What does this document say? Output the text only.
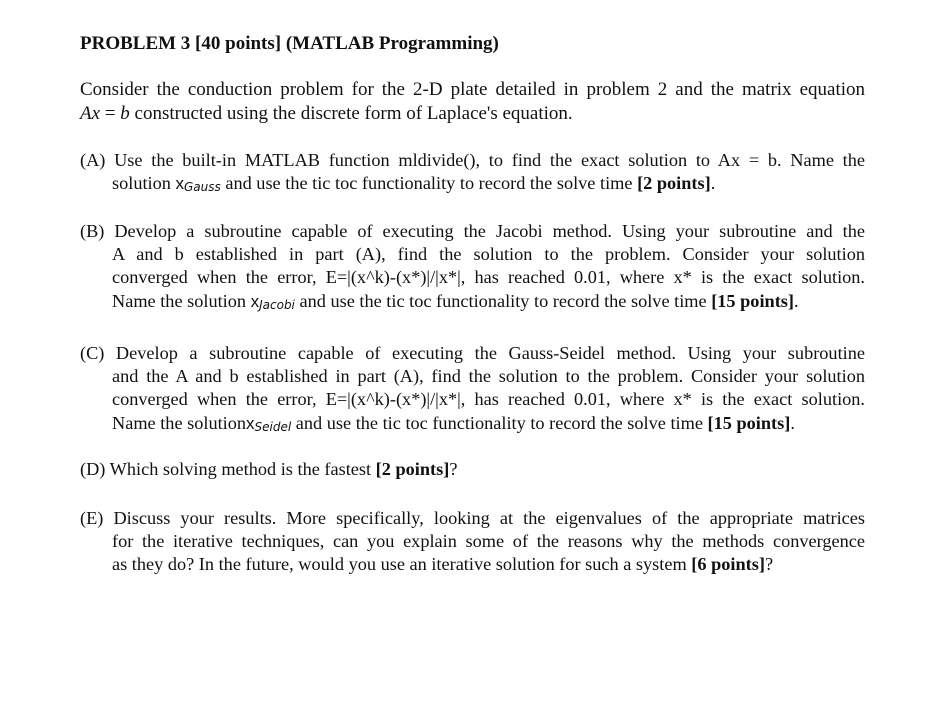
PROBLEM 3 [40 points] (MATLAB Programming)
Consider the conduction problem for the 2-D plate detailed in problem 2 and the matrix equation
Ax = b constructed using the discrete form of Laplace's equation.
(A) Use the built-in MATLAB function mldivide(), to find the exact solution to Ax = b. Name the
solution xGauss and use the tic toc functionality to record the solve time [2 points].
(B) Develop a subroutine capable of executing the Jacobi method. Using your subroutine and the
A and b established in part (A), find the solution to the problem. Consider your solution
converged when the error, E=|(x^k)-(x*)|/|x*|, has reached 0.01, where x* is the exact solution.
Name the solution xJacobi and use the tic toc functionality to record the solve time [15 points].
(C) Develop a subroutine capable of executing the Gauss-Seidel method. Using your subroutine
and the A and b established in part (A), find the solution to the problem. Consider your solution
converged when the error, E=|(x^k)-(x*)|/|x*|, has reached 0.01, where x* is the exact solution.
Name the solutionxSeidel and use the tic toc functionality to record the solve time [15 points].
(D) Which solving method is the fastest [2 points]?
(E) Discuss your results. More specifically, looking at the eigenvalues of the appropriate matrices
for the iterative techniques, can you explain some of the reasons why the methods convergence
as they do? In the future, would you use an iterative solution for such a system [6 points]?
